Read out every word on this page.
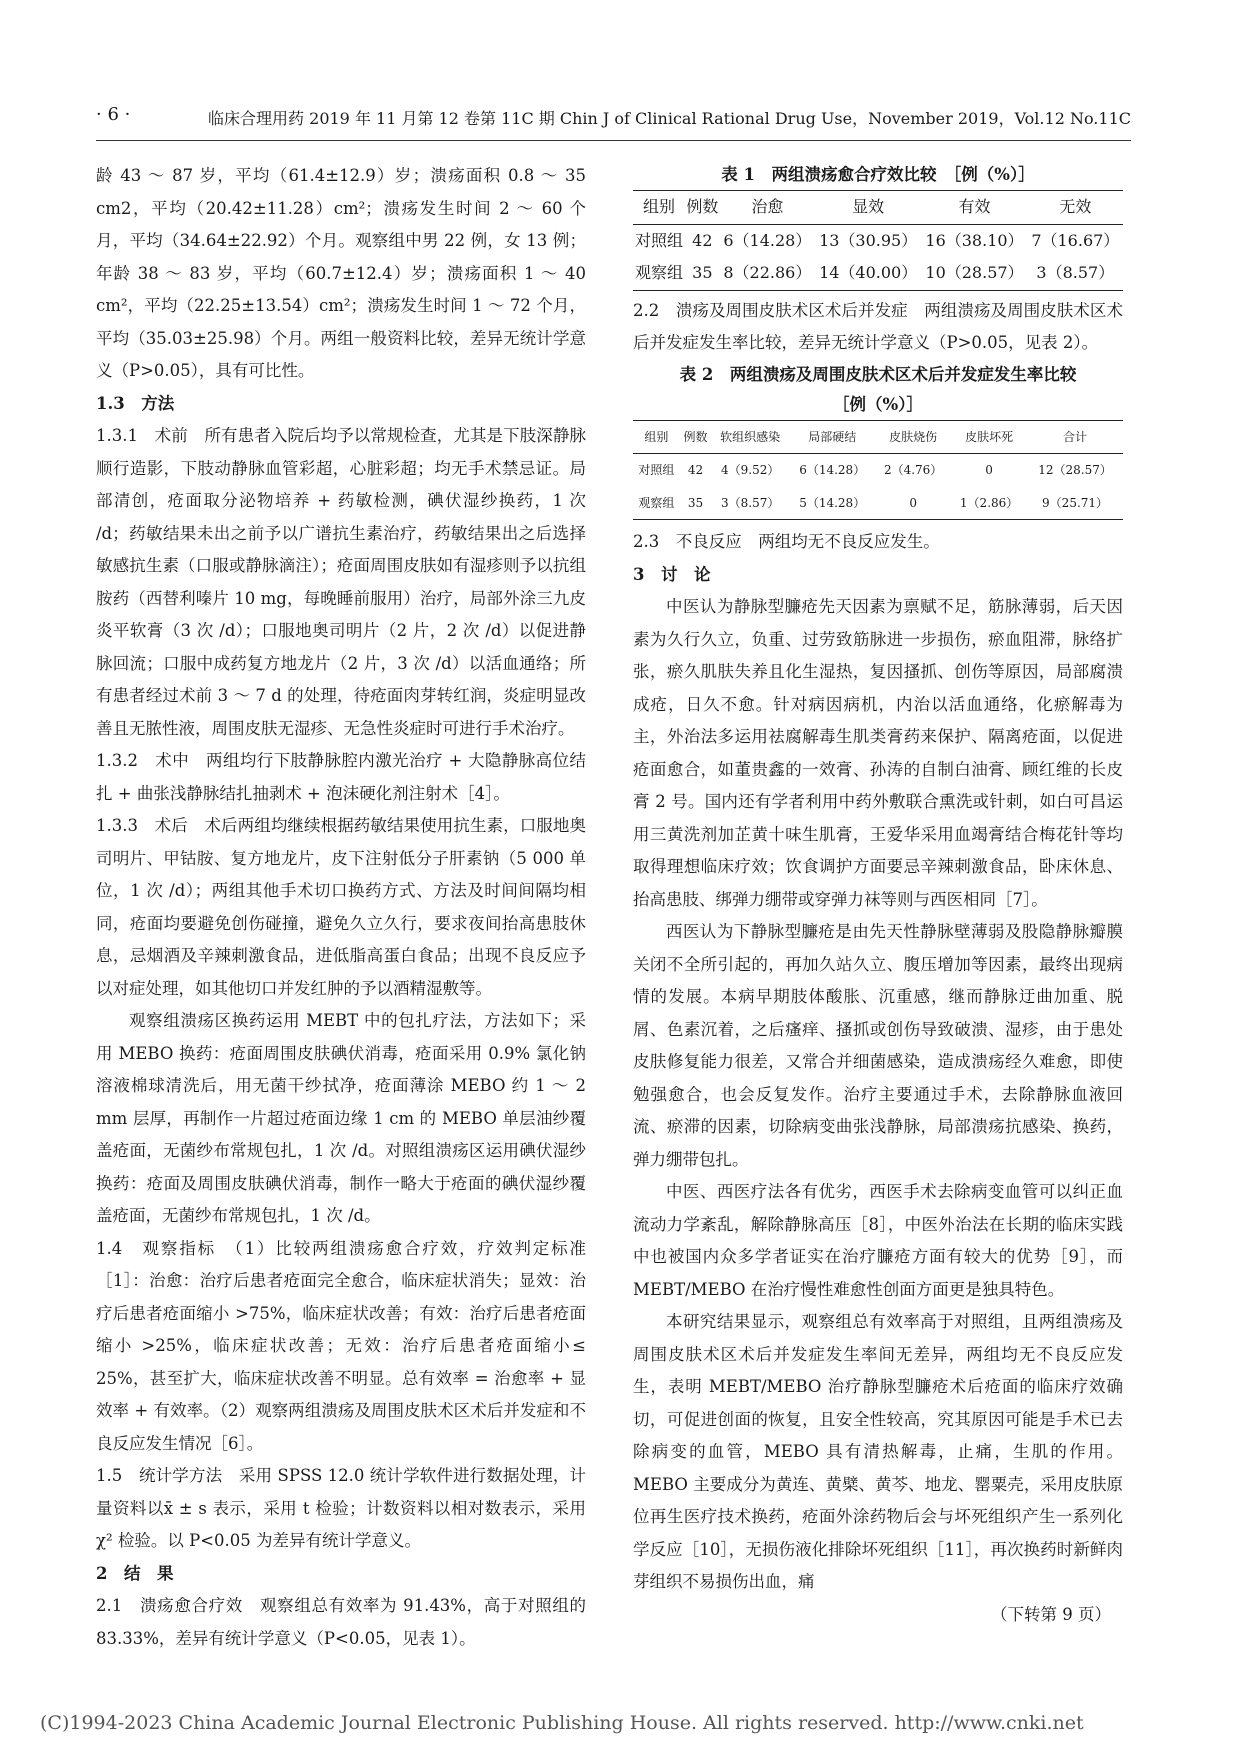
· 6 ·	临床合理用药 2019 年 11 月第 12 卷第 11C 期 Chin J of Clinical Rational Drug Use，November 2019，Vol.12 No.11C

龄 43 ～ 87 岁，平均（61.4±12.9）岁；溃疡面积 0.8 ～ 35 cm2，平均（20.42±11.28）cm²；溃疡发生时间 2 ～ 60 个月，平均（34.64±22.92）个月。观察组中男 22 例，女 13 例；年龄 38 ～ 83 岁，平均（60.7±12.4）岁；溃疡面积 1 ～ 40 cm²，平均（22.25±13.54）cm²；溃疡发生时间 1 ～ 72 个月，平均（35.03±25.98）个月。两组一般资料比较，差异无统计学意义（P>0.05），具有可比性。

1.3　方法

1.3.1　术前　所有患者入院后均予以常规检查，尤其是下肢深静脉顺行造影，下肢动静脉血管彩超，心脏彩超；均无手术禁忌证。局部清创，疮面取分泌物培养 + 药敏检测，碘伏湿纱换药，1 次 /d；药敏结果未出之前予以广谱抗生素治疗，药敏结果出之后选择敏感抗生素（口服或静脉滴注）；疮面周围皮肤如有湿疹则予以抗组胺药（西替利嗪片 10 mg，每晚睡前服用）治疗，局部外涂三九皮炎平软膏（3 次 /d）；口服地奥司明片（2 片，2 次 /d）以促进静脉回流；口服中成药复方地龙片（2 片，3 次 /d）以活血通络；所有患者经过术前 3 ～ 7 d 的处理，待疮面肉芽转红润，炎症明显改善且无脓性液，周围皮肤无湿疹、无急性炎症时可进行手术治疗。

1.3.2　术中　两组均行下肢静脉腔内激光治疗 + 大隐静脉高位结扎 + 曲张浅静脉结扎抽剥术 + 泡沫硬化剂注射术［4］。

1.3.3　术后　术后两组均继续根据药敏结果使用抗生素，口服地奥司明片、甲钴胺、复方地龙片，皮下注射低分子肝素钠（5 000 单位，1 次 /d）；两组其他手术切口换药方式、方法及时间间隔均相同，疮面均要避免创伤碰撞，避免久立久行，要求夜间抬高患肢休息，忌烟酒及辛辣刺激食品，进低脂高蛋白食品；出现不良反应予以对症处理，如其他切口并发红肿的予以酒精湿敷等。

观察组溃疡区换药运用 MEBT 中的包扎疗法，方法如下；采用 MEBO 换药：疮面周围皮肤碘伏消毒，疮面采用 0.9% 氯化钠溶液棉球清洗后，用无菌干纱拭净，疮面薄涂 MEBO 约 1 ～ 2 mm 层厚，再制作一片超过疮面边缘 1 cm 的 MEBO 单层油纱覆盖疮面，无菌纱布常规包扎，1 次 /d。对照组溃疡区运用碘伏湿纱换药：疮面及周围皮肤碘伏消毒，制作一略大于疮面的碘伏湿纱覆盖疮面，无菌纱布常规包扎，1 次 /d。

1.4　观察指标　（1）比较两组溃疡愈合疗效，疗效判定标准［1］：治愈：治疗后患者疮面完全愈合，临床症状消失；显效：治疗后患者疮面缩小 >75%，临床症状改善；有效：治疗后患者疮面缩小 >25%，临床症状改善；无效：治疗后患者疮面缩小≤ 25%，甚至扩大，临床症状改善不明显。总有效率 = 治愈率 + 显效率 + 有效率。（2）观察两组溃疡及周围皮肤术区术后并发症和不良反应发生情况［6］。

1.5　统计学方法　采用 SPSS 12.0 统计学软件进行数据处理，计量资料以x̄ ± s 表示，采用 t 检验；计数资料以相对数表示，采用 χ² 检验。以 P<0.05 为差异有统计学意义。

2　结　果

2.1　溃疡愈合疗效　观察组总有效率为 91.43%，高于对照组的 83.33%，差异有统计学意义（P<0.05，见表 1）。

表 1　两组溃疡愈合疗效比较　［例（%）］
组别	例数	治愈	显效	有效	无效
对照组	42	6（14.28）	13（30.95）	16（38.10）	7（16.67）
观察组	35	8（22.86）	14（40.00）	10（28.57）	3（8.57）

2.2　溃疡及周围皮肤术区术后并发症　两组溃疡及周围皮肤术区术后并发症发生率比较，差异无统计学意义（P>0.05，见表 2）。

表 2　两组溃疡及周围皮肤术区术后并发症发生率比较
［例（%）］
组别	例数	软组织感染	局部硬结	皮肤烧伤	皮肤坏死	合计
对照组	42	4（9.52）	6（14.28）	2（4.76）	0	12（28.57）
观察组	35	3（8.57）	5（14.28）	0	1（2.86）	9（25.71）

2.3　不良反应　两组均无不良反应发生。

3　讨　论

中医认为静脉型臁疮先天因素为禀赋不足，筋脉薄弱，后天因素为久行久立，负重、过劳致筋脉进一步损伤，瘀血阻滞，脉络扩张，瘀久肌肤失养且化生湿热，复因搔抓、创伤等原因，局部腐溃成疮，日久不愈。针对病因病机，内治以活血通络，化瘀解毒为主，外治法多运用祛腐解毒生肌类膏药来保护、隔离疮面，以促进疮面愈合，如董贵鑫的一效膏、孙涛的自制白油膏、顾红维的长皮膏 2 号。国内还有学者利用中药外敷联合熏洗或针刺，如白可昌运用三黄洗剂加芷黄十味生肌膏，王爱华采用血竭膏结合梅花针等均取得理想临床疗效；饮食调护方面要忌辛辣刺激食品，卧床休息、抬高患肢、绑弹力绷带或穿弹力袜等则与西医相同［7］。

西医认为下静脉型臁疮是由先天性静脉壁薄弱及股隐静脉瓣膜关闭不全所引起的，再加久站久立、腹压增加等因素，最终出现病情的发展。本病早期肢体酸胀、沉重感，继而静脉迂曲加重、脱屑、色素沉着，之后瘙痒、搔抓或创伤导致破溃、湿疹，由于患处皮肤修复能力很差，又常合并细菌感染，造成溃疡经久难愈，即使勉强愈合，也会反复发作。治疗主要通过手术，去除静脉血液回流、瘀滞的因素，切除病变曲张浅静脉，局部溃疡抗感染、换药，弹力绷带包扎。

中医、西医疗法各有优劣，西医手术去除病变血管可以纠正血流动力学紊乱，解除静脉高压［8］，中医外治法在长期的临床实践中也被国内众多学者证实在治疗臁疮方面有较大的优势［9］，而 MEBT/MEBO 在治疗慢性难愈性创面方面更是独具特色。

本研究结果显示，观察组总有效率高于对照组，且两组溃疡及周围皮肤术区术后并发症发生率间无差异，两组均无不良反应发生，表明 MEBT/MEBO 治疗静脉型臁疮术后疮面的临床疗效确切，可促进创面的恢复，且安全性较高，究其原因可能是手术已去除病变的血管，MEBO 具有清热解毒，止痛，生肌的作用。MEBO 主要成分为黄连、黄檗、黄芩、地龙、罂粟壳，采用皮肤原位再生医疗技术换药，疮面外涂药物后会与坏死组织产生一系列化学反应［10］，无损伤液化排除坏死组织［11］，再次换药时新鲜肉芽组织不易损伤出血，痛

（下转第 9 页）

(C)1994-2023 China Academic Journal Electronic Publishing House. All rights reserved. http://www.cnki.net
